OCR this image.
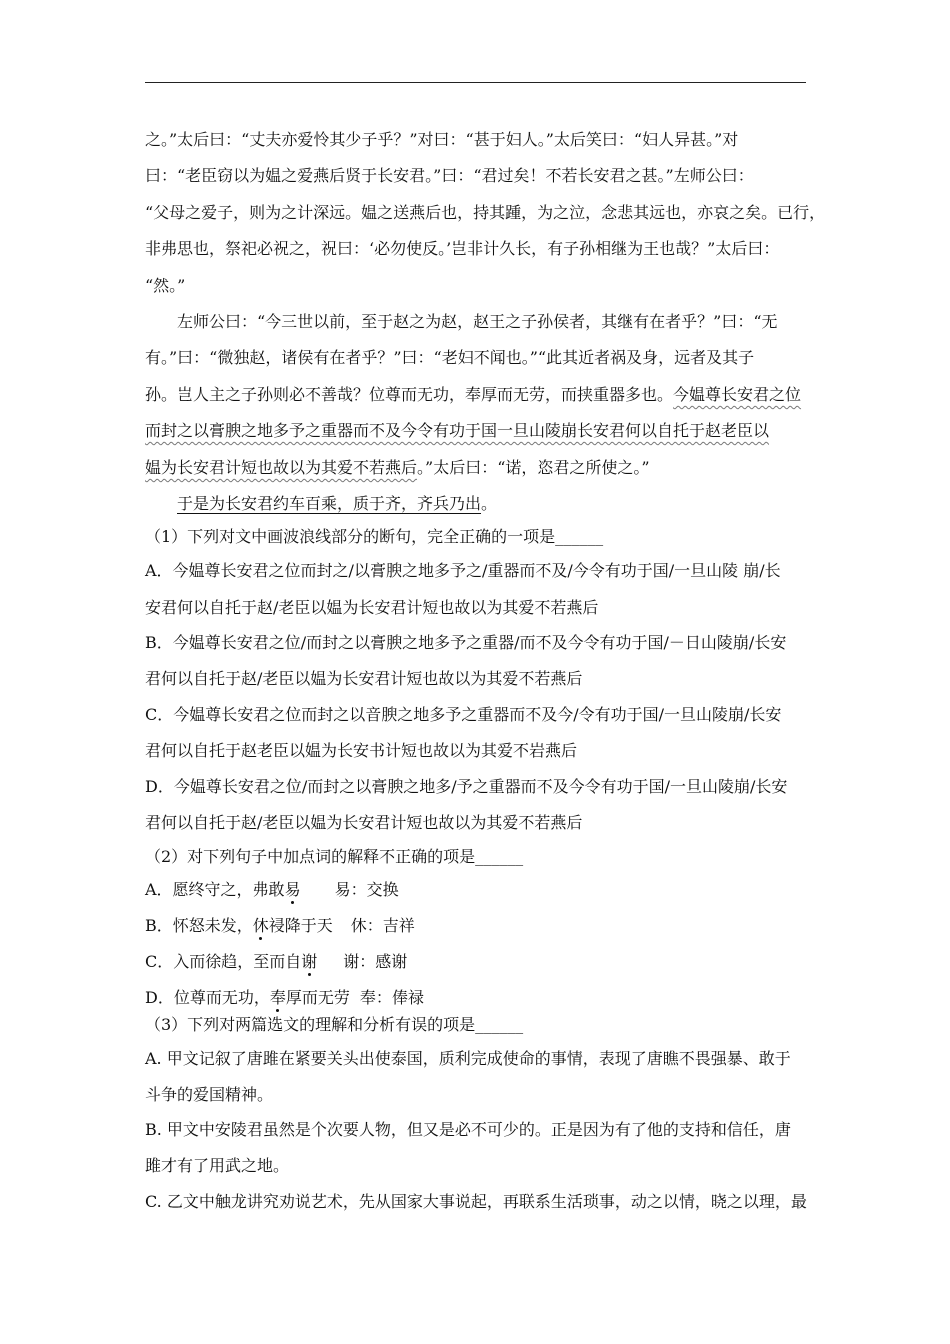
之。”太后曰：“丈夫亦爱怜其少子乎？”对曰：“甚于妇人。”太后笑曰：“妇人异甚。”对
曰：“老臣窃以为媪之爱燕后贤于长安君。”曰：“君过矣！不若长安君之甚。”左师公曰：
“父母之爱子，则为之计深远。媪之送燕后也，持其踵，为之泣，念悲其远也，亦哀之矣。已行，
非弗思也，祭祀必祝之，祝曰：‘必勿使反。’岂非计久长，有子孙相继为王也哉？”太后曰：
“然。”
左师公曰：“今三世以前，至于赵之为赵，赵王之子孙侯者，其继有在者乎？”曰：“无
有。”曰：“微独赵，诸侯有在者乎？”曰：“老妇不闻也。”“此其近者祸及身，远者及其子
孙。岂人主之子孙则必不善哉？位尊而无功，奉厚而无劳，而挟重器多也。今媪尊长安君之位
而封之以膏腴之地多予之重器而不及今令有功于国一旦山陵崩长安君何以自托于赵老臣以
媪为长安君计短也故以为其爱不若燕后。”太后曰：“诺，恣君之所使之。”
于是为长安君约车百乘，质于齐，齐兵乃出。
（1）下列对文中画波浪线部分的断句，完全正确的一项是______
A．今媪尊长安君之位而封之/以膏腴之地多予之/重器而不及/今令有功于国/一旦山陵 崩/长
安君何以自托于赵/老臣以媪为长安君计短也故以为其爱不若燕后
B．今媪尊长安君之位/而封之以膏腴之地多予之重器/而不及今令有功于国/－日山陵崩/长安
君何以自托于赵/老臣以媪为长安君计短也故以为其爱不若燕后
C．今媪尊长安君之位而封之以音腴之地多予之重器而不及今/令有功于国/一旦山陵崩/长安
君何以自托于赵老臣以媪为长安书计短也故以为其爱不岩燕后
D．今媪尊长安君之位/而封之以膏腴之地多/予之重器而不及今令有功于国/一旦山陵崩/长安
君何以自托于赵/老臣以媪为长安君计短也故以为其爱不若燕后
（2）对下列句子中加点词的解释不正确的项是______
A．愿终守之，弗敢易 易：交换
B．怀怒未发，休祲降于天 休：吉祥
C．入而徐趋，至而自谢 谢：感谢
D．位尊而无功，奉厚而无劳 奉：俸禄
（3）下列对两篇选文的理解和分析有误的项是______
A. 甲文记叙了唐雎在紧要关头出使泰国，质利完成使命的事情，表现了唐瞧不畏强暴、敢于
斗争的爱国精神。
B. 甲文中安陵君虽然是个次要人物，但又是必不可少的。正是因为有了他的支持和信任，唐
雎才有了用武之地。
C. 乙文中触龙讲究劝说艺术，先从国家大事说起，再联系生活琐事，动之以情，晓之以理，最
